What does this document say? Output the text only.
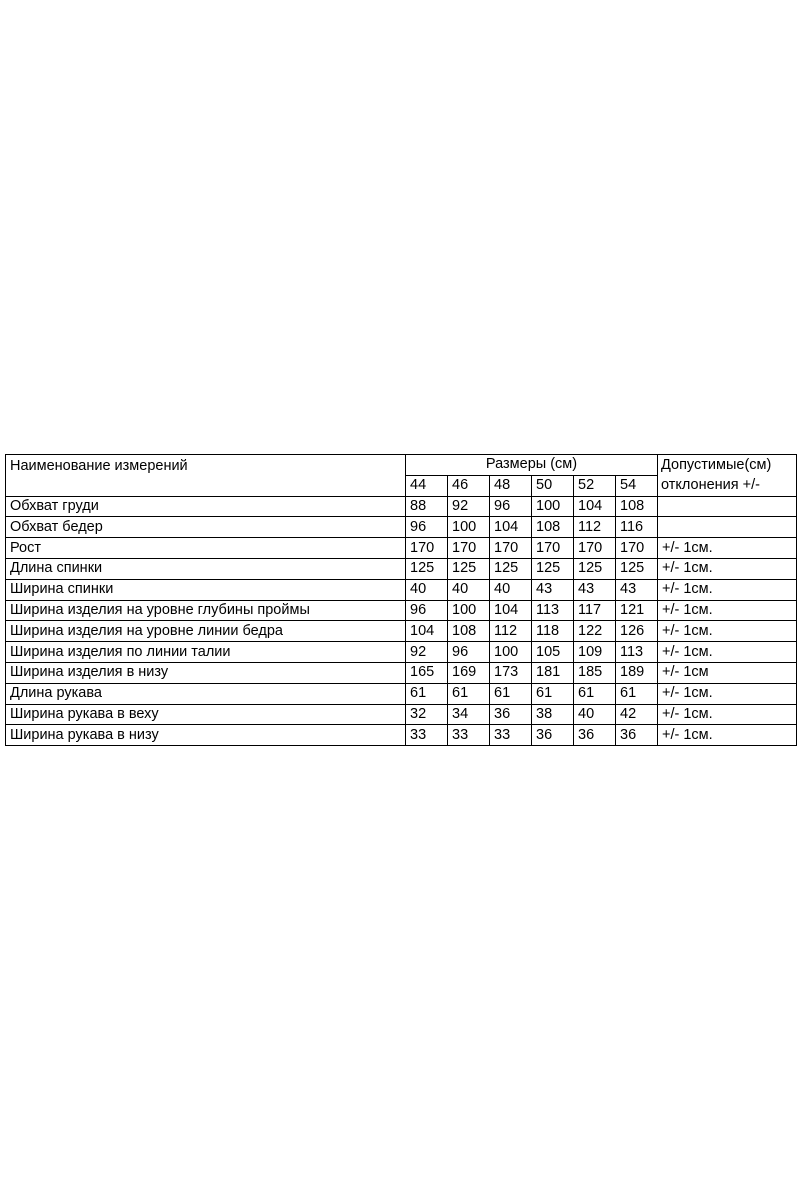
Наименование измерений	Размеры (см)						Допустимые(см)
	44	46	48	50	52	54	отклонения +/-
Обхват груди	88	92	96	100	104	108	
Обхват бедер	96	100	104	108	112	116	
Рост	170	170	170	170	170	170	+/- 1см.
Длина спинки	125	125	125	125	125	125	+/- 1см.
Ширина спинки	40	40	40	43	43	43	+/- 1см.
Ширина изделия на уровне глубины проймы	96	100	104	113	117	121	+/- 1см.
Ширина изделия на уровне линии бедра	104	108	112	118	122	126	+/- 1см.
Ширина изделия по линии талии	92	96	100	105	109	113	+/- 1см.
Ширина изделия в низу	165	169	173	181	185	189	+/- 1см
Длина рукава	61	61	61	61	61	61	+/- 1см.
Ширина рукава в веху	32	34	36	38	40	42	+/- 1см.
Ширина рукава в низу	33	33	33	36	36	36	+/- 1см.
